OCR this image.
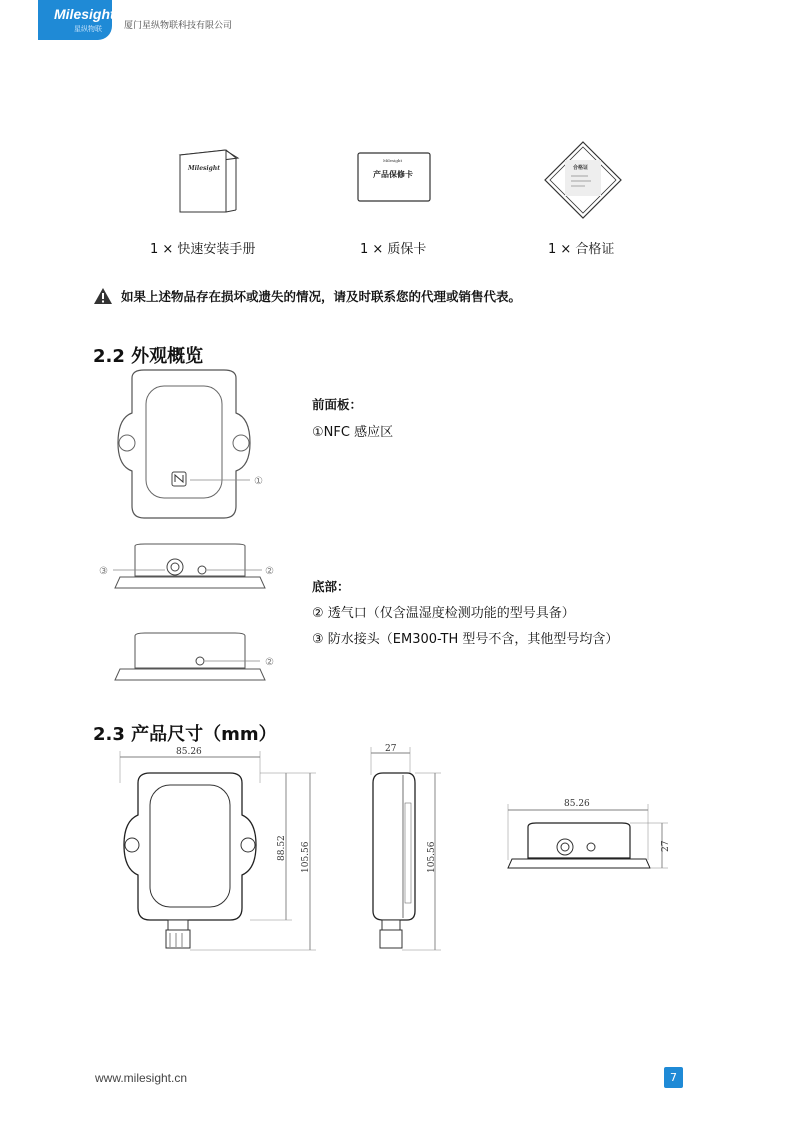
Milesight
星纵物联 厦门星纵物联科技有限公司
Milesight
Milesight
产品保修卡
合格证
1 × 快速安装手册	1 × 质保卡	1 × 合格证
如果上述物品存在损坏或遗失的情况，请及时联系您的代理或销售代表。
2.2 外观概览
①
③	②
②
前面板：
①NFC 感应区
底部：
② 透气口（仅含温湿度检测功能的型号具备）
③ 防水接头（EM300-TH 型号不含，其他型号均含）
2.3 产品尺寸（mm）
85.26
88.52 105.56
27
105.56
85.26
27
www.milesight.cn	7
